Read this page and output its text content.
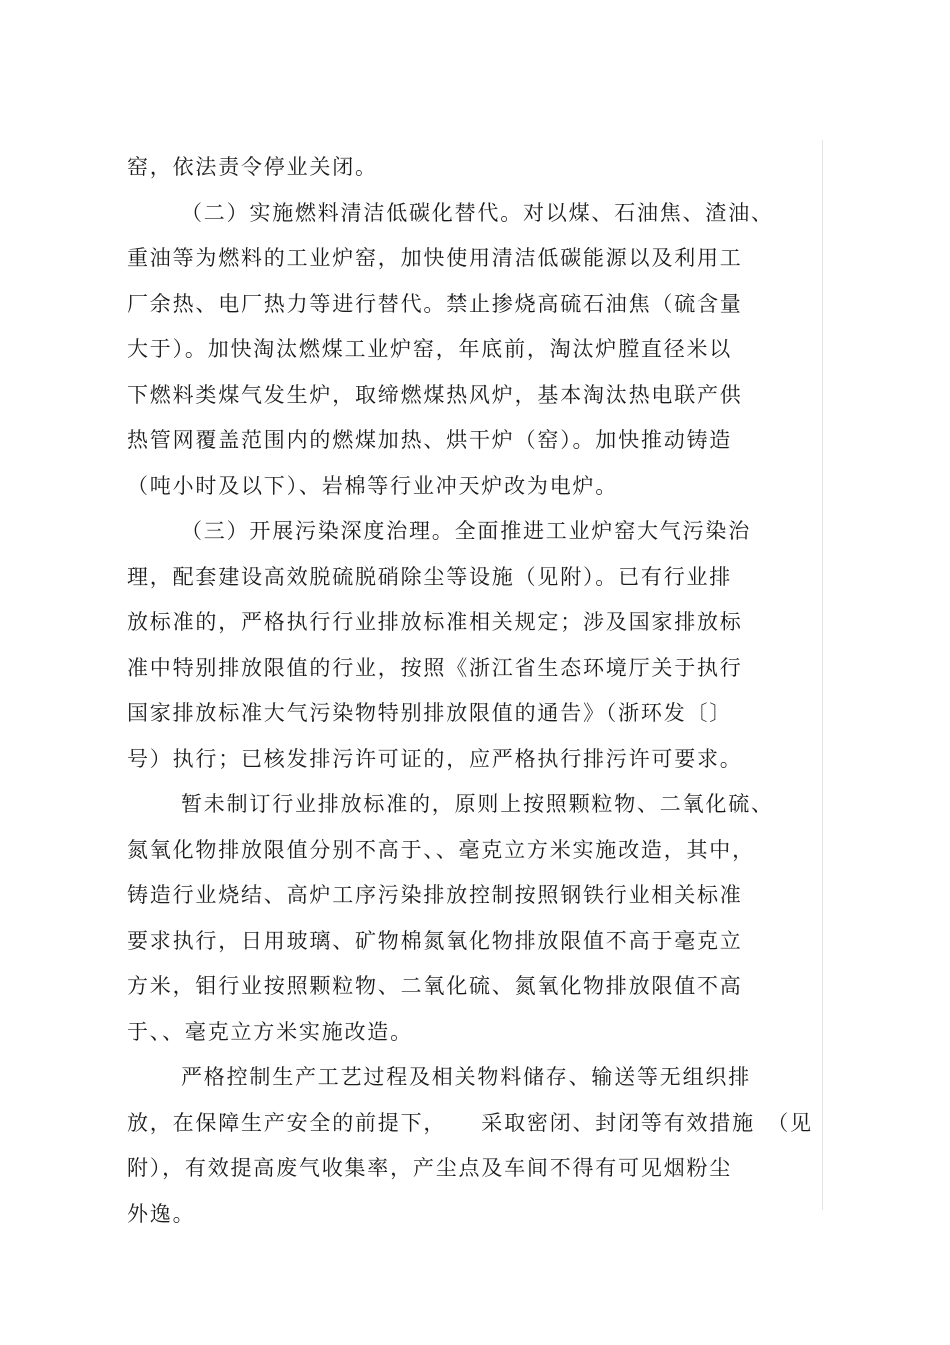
窑，依法责令停业关闭。
（二）实施燃料清洁低碳化替代。对以煤、石油焦、渣油、
重油等为燃料的工业炉窑，加快使用清洁低碳能源以及利用工
厂余热、电厂热力等进行替代。禁止掺烧高硫石油焦（硫含量
大于）。加快淘汰燃煤工业炉窑，年底前，淘汰炉膛直径米以
下燃料类煤气发生炉，取缔燃煤热风炉，基本淘汰热电联产供
热管网覆盖范围内的燃煤加热、烘干炉（窑）。加快推动铸造
（吨小时及以下）、岩棉等行业冲天炉改为电炉。
（三）开展污染深度治理。全面推进工业炉窑大气污染治
理，配套建设高效脱硫脱硝除尘等设施（见附）。已有行业排
放标准的，严格执行行业排放标准相关规定；涉及国家排放标
准中特别排放限值的行业，按照《浙江省生态环境厅关于执行
国家排放标准大气污染物特别排放限值的通告》（浙环发〔〕
号）执行；已核发排污许可证的，应严格执行排污许可要求。
暂未制订行业排放标准的，原则上按照颗粒物、二氧化硫、
氮氧化物排放限值分别不高于、、毫克立方米实施改造，其中，
铸造行业烧结、高炉工序污染排放控制按照钢铁行业相关标准
要求执行，日用玻璃、矿物棉氮氧化物排放限值不高于毫克立
方米，钼行业按照颗粒物、二氧化硫、氮氧化物排放限值不高
于、、毫克立方米实施改造。
严格控制生产工艺过程及相关物料储存、输送等无组织排
放，在保障生产安全的前提下，　　采取密闭、封闭等有效措施　（见
附），有效提高废气收集率，产尘点及车间不得有可见烟粉尘
外逸。
